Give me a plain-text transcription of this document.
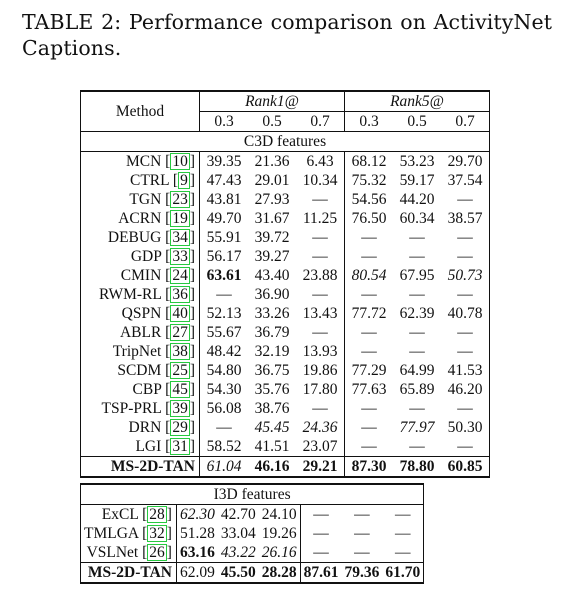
TABLE 2: Performance comparison on ActivityNet Captions.
Method	Rank1@			Rank5@		
	0.3	0.5	0.7	0.3	0.5	0.7
C3D features						
MCN [ 10 ]	39.35	21.36	6.43	68.12	53.23	29.70
CTRL [ 9 ]	47.43	29.01	10.34	75.32	59.17	37.54
TGN [ 23 ]	43.81	27.93	—	54.56	44.20	—
ACRN [ 19 ]	49.70	31.67	11.25	76.50	60.34	38.57
DEBUG [ 34 ]	55.91	39.72	—	—	—	—
GDP [ 33 ]	56.17	39.27	—	—	—	—
CMIN [ 24 ]	63.61	43.40	23.88	80.54	67.95	50.73
RWM-RL [ 36 ]	—	36.90	—	—	—	—
QSPN [ 40 ]	52.13	33.26	13.43	77.72	62.39	40.78
ABLR [ 27 ]	55.67	36.79	—	—	—	—
TripNet [ 38 ]	48.42	32.19	13.93	—	—	—
SCDM [ 25 ]	54.80	36.75	19.86	77.29	64.99	41.53
CBP [ 45 ]	54.30	35.76	17.80	77.63	65.89	46.20
TSP-PRL [ 39 ]	56.08	38.76	—	—	—	—
DRN [ 29 ]	—	45.45	24.36	—	77.97	50.30
LGI [ 31 ]	58.52	41.51	23.07	—	—	—
MS-2D-TAN	61.04	46.16	29.21	87.30	78.80	60.85
I3D features						
ExCL [ 28 ]	62.30	42.70	24.10	—	—	—
TMLGA [ 32 ]	51.28	33.04	19.26	—	—	—
VSLNet [ 26 ]	63.16	43.22	26.16	—	—	—
MS-2D-TAN	62.09	45.50	28.28	87.61	79.36	61.70
